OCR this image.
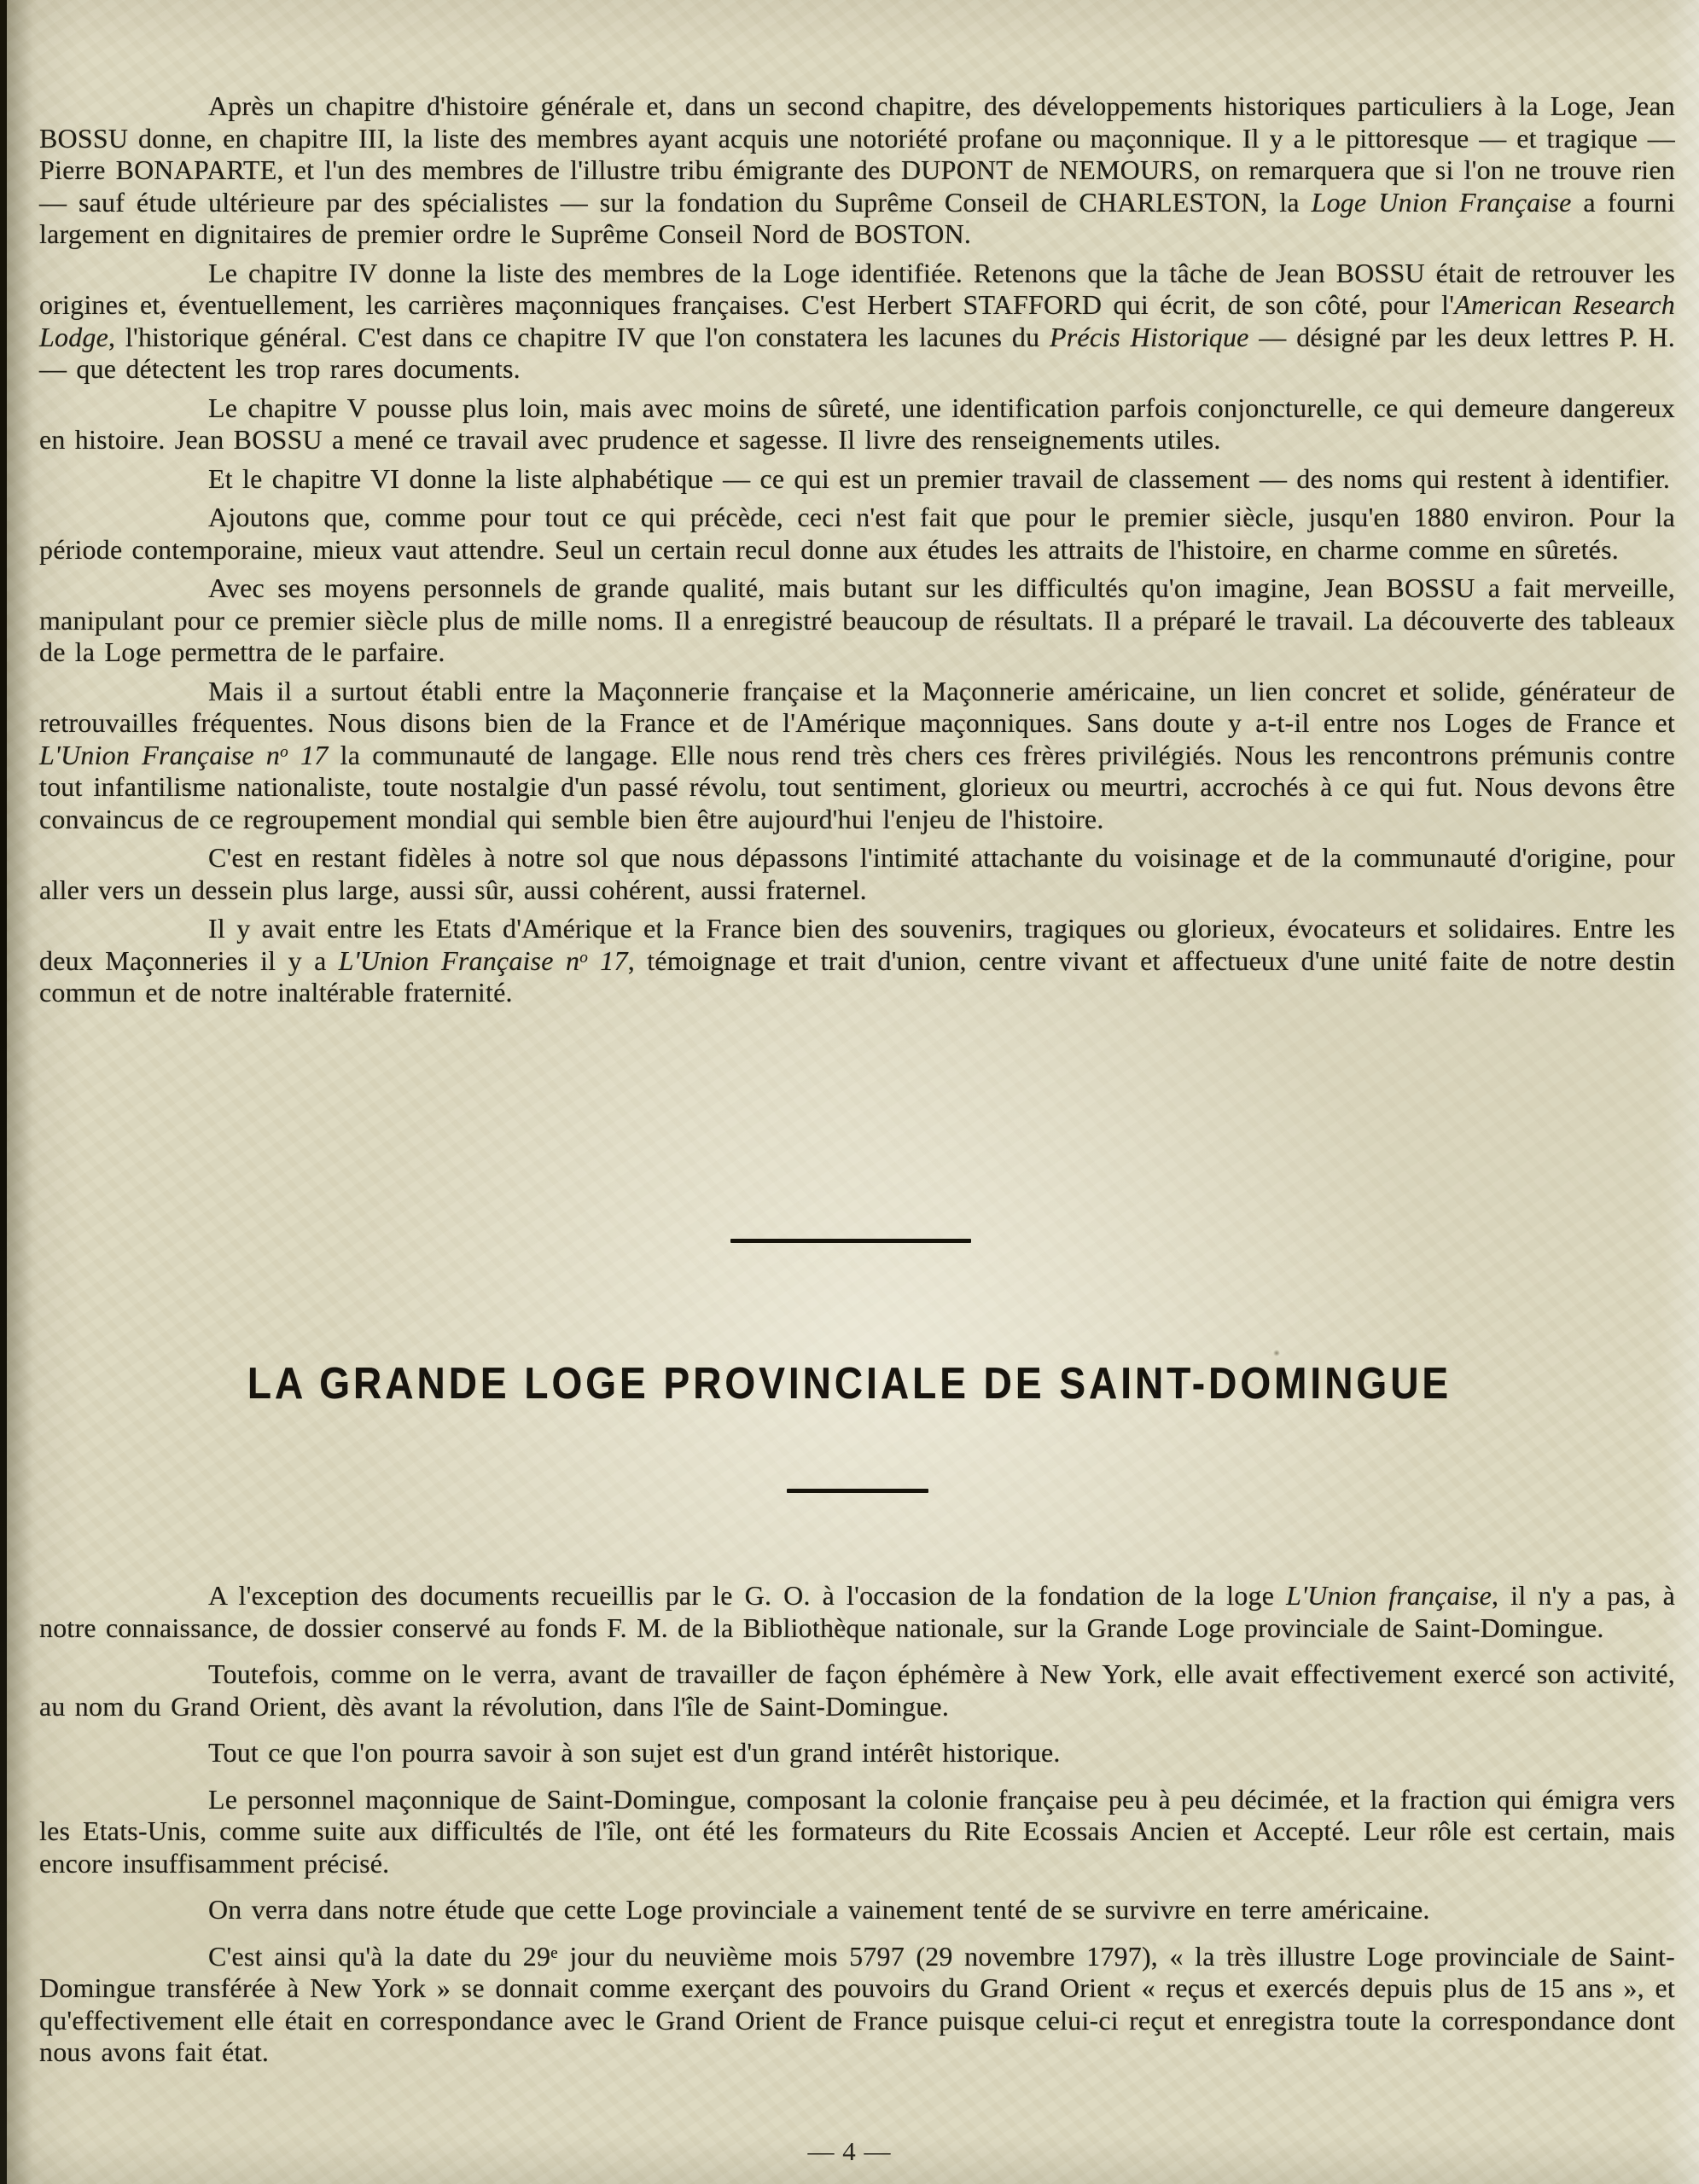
Après un chapitre d'histoire générale et, dans un second chapitre, des développements historiques particuliers à la Loge, Jean BOSSU donne, en chapitre III, la liste des membres ayant acquis une notoriété profane ou maçonnique. Il y a le pittoresque — et tragique — Pierre BONAPARTE, et l'un des membres de l'illustre tribu émigrante des DUPONT de NEMOURS, on remarquera que si l'on ne trouve rien — sauf étude ultérieure par des spécialistes — sur la fondation du Suprême Conseil de CHARLESTON, la Loge Union Française a fourni largement en dignitaires de premier ordre le Suprême Conseil Nord de BOSTON.

Le chapitre IV donne la liste des membres de la Loge identifiée. Retenons que la tâche de Jean BOSSU était de retrouver les origines et, éventuellement, les carrières maçonniques françaises. C'est Herbert STAFFORD qui écrit, de son côté, pour l'American Research Lodge, l'historique général. C'est dans ce chapitre IV que l'on constatera les lacunes du Précis Historique — désigné par les deux lettres P. H. — que détectent les trop rares documents.

Le chapitre V pousse plus loin, mais avec moins de sûreté, une identification parfois conjoncturelle, ce qui demeure dangereux en histoire. Jean BOSSU a mené ce travail avec prudence et sagesse. Il livre des renseignements utiles.

Et le chapitre VI donne la liste alphabétique — ce qui est un premier travail de classement — des noms qui restent à identifier.

Ajoutons que, comme pour tout ce qui précède, ceci n'est fait que pour le premier siècle, jusqu'en 1880 environ. Pour la période contemporaine, mieux vaut attendre. Seul un certain recul donne aux études les attraits de l'histoire, en charme comme en sûretés.

Avec ses moyens personnels de grande qualité, mais butant sur les difficultés qu'on imagine, Jean BOSSU a fait merveille, manipulant pour ce premier siècle plus de mille noms. Il a enregistré beaucoup de résultats. Il a préparé le travail. La découverte des tableaux de la Loge permettra de le parfaire.

Mais il a surtout établi entre la Maçonnerie française et la Maçonnerie américaine, un lien concret et solide, générateur de retrouvailles fréquentes. Nous disons bien de la France et de l'Amérique maçonniques. Sans doute y a-t-il entre nos Loges de France et L'Union Française $n^o$ 17 la communauté de langage. Elle nous rend très chers ces frères privilégiés. Nous les rencontrons prémunis contre tout infantilisme nationaliste, toute nostalgie d'un passé révolu, tout sentiment, glorieux ou meurtri, accrochés à ce qui fut. Nous devons être convaincus de ce regroupement mondial qui semble bien être aujourd'hui l'enjeu de l'histoire.

C'est en restant fidèles à notre sol que nous dépassons l'intimité attachante du voisinage et de la communauté d'origine, pour aller vers un dessein plus large, aussi sûr, aussi cohérent, aussi fraternel.

Il y avait entre les Etats d'Amérique et la France bien des souvenirs, tragiques ou glorieux, évocateurs et solidaires. Entre les deux Maçonneries il y a L'Union Française $n^o$ 17, témoignage et trait d'union, centre vivant et affectueux d'une unité faite de notre destin commun et de notre inaltérable fraternité.

LA GRANDE LOGE PROVINCIALE DE SAINT-DOMINGUE

A l'exception des documents recueillis par le G. O. à l'occasion de la fondation de la loge L'Union française, il n'y a pas, à notre connaissance, de dossier conservé au fonds F. M. de la Bibliothèque nationale, sur la Grande Loge provinciale de Saint-Domingue.

Toutefois, comme on le verra, avant de travailler de façon éphémère à New York, elle avait effectivement exercé son activité, au nom du Grand Orient, dès avant la révolution, dans l'île de Saint-Domingue.

Tout ce que l'on pourra savoir à son sujet est d'un grand intérêt historique.

Le personnel maçonnique de Saint-Domingue, composant la colonie française peu à peu décimée, et la fraction qui émigra vers les Etats-Unis, comme suite aux difficultés de l'île, ont été les formateurs du Rite Ecossais Ancien et Accepté. Leur rôle est certain, mais encore insuffisamment précisé.

On verra dans notre étude que cette Loge provinciale a vainement tenté de se survivre en terre américaine.

C'est ainsi qu'à la date du 29e jour du neuvième mois 5797 (29 novembre 1797), « la très illustre Loge provinciale de Saint-Domingue transférée à New York » se donnait comme exerçant des pouvoirs du Grand Orient « reçus et exercés depuis plus de 15 ans », et qu'effectivement elle était en correspondance avec le Grand Orient de France puisque celui-ci reçut et enregistra toute la correspondance dont nous avons fait état.

— 4 —
